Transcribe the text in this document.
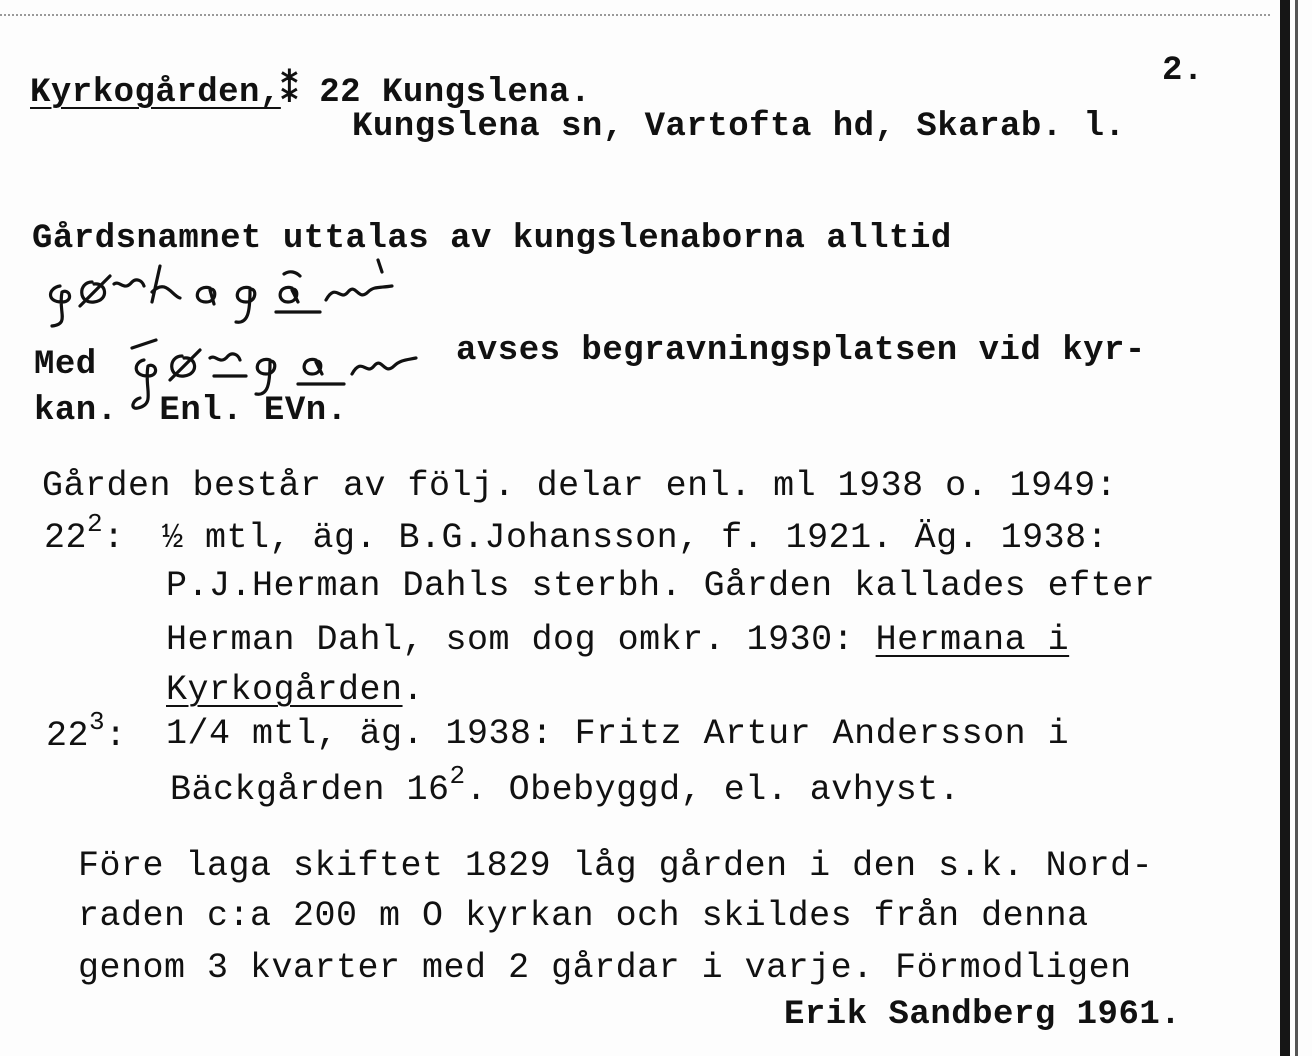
Kyrkogården,⁑ 22 Kungslena.
2.
Kungslena sn, Vartofta hd, Skarab. l.
Gårdsnamnet uttalas av kungslenaborna alltid
Med	avses begravningsplatsen vid kyr-
kan.  Enl. EVn.
Gården består av följ. delar enl. ml 1938 o. 1949:
$22^2$: ½ mtl, äg. B.G.Johansson, f. 1921. Äg. 1938:
P.J.Herman Dahls sterbh. Gården kallades efter
Herman Dahl, som dog omkr. 1930: Hermana i
Kyrkogården.
$22^3$: 1/4 mtl, äg. 1938: Fritz Artur Andersson i
Bäckgården $16^2$. Obebyggd, el. avhyst.
Före laga skiftet 1829 låg gården i den s.k. Nord-
raden c:a 200 m O kyrkan och skildes från denna
genom 3 kvarter med 2 gårdar i varje. Förmodligen
Erik Sandberg 1961.
